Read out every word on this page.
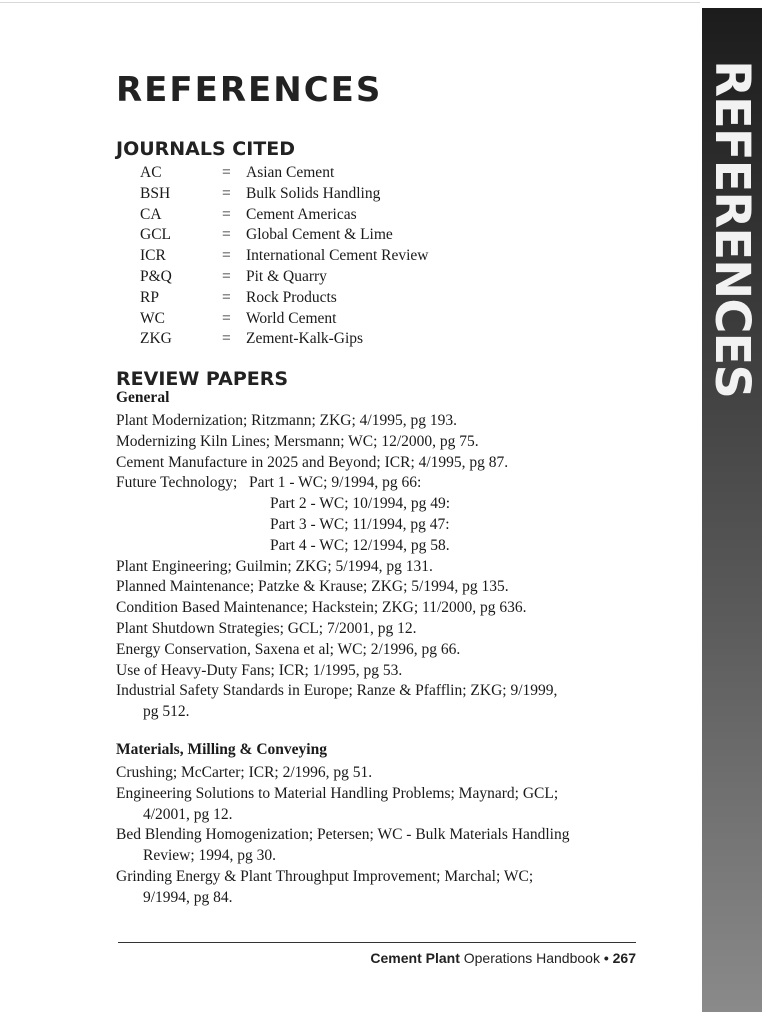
REFERENCES
REFERENCES
JOURNALS CITED
AC	= Asian Cement
BSH	= Bulk Solids Handling
CA	= Cement Americas
GCL	= Global Cement & Lime
ICR	= International Cement Review
P&Q	= Pit & Quarry
RP	= Rock Products
WC	= World Cement
ZKG	= Zement-Kalk-Gips
REVIEW PAPERS

General

Plant Modernization; Ritzmann; ZKG; 4/1995, pg 193.
Modernizing Kiln Lines; Mersmann; WC; 12/2000, pg 75.
Cement Manufacture in 2025 and Beyond; ICR; 4/1995, pg 87.
Future Technology;   Part 1 - WC; 9/1994, pg 66:
Part 2 - WC; 10/1994, pg 49:
Part 3 - WC; 11/1994, pg 47:
Part 4 - WC; 12/1994, pg 58.
Plant Engineering; Guilmin; ZKG; 5/1994, pg 131.
Planned Maintenance; Patzke & Krause; ZKG; 5/1994, pg 135.
Condition Based Maintenance; Hackstein; ZKG; 11/2000, pg 636.
Plant Shutdown Strategies; GCL; 7/2001, pg 12.
Energy Conservation, Saxena et al; WC; 2/1996, pg 66.
Use of Heavy-Duty Fans; ICR; 1/1995, pg 53.
Industrial Safety Standards in Europe; Ranze & Pfafflin; ZKG; 9/1999,
pg 512.

Materials, Milling & Conveying

Crushing; McCarter; ICR; 2/1996, pg 51.
Engineering Solutions to Material Handling Problems; Maynard; GCL;
4/2001, pg 12.
Bed Blending Homogenization; Petersen; WC - Bulk Materials Handling
Review; 1994, pg 30.
Grinding Energy & Plant Throughput Improvement; Marchal; WC;
9/1994, pg 84.
Cement Plant Operations Handbook • 267
